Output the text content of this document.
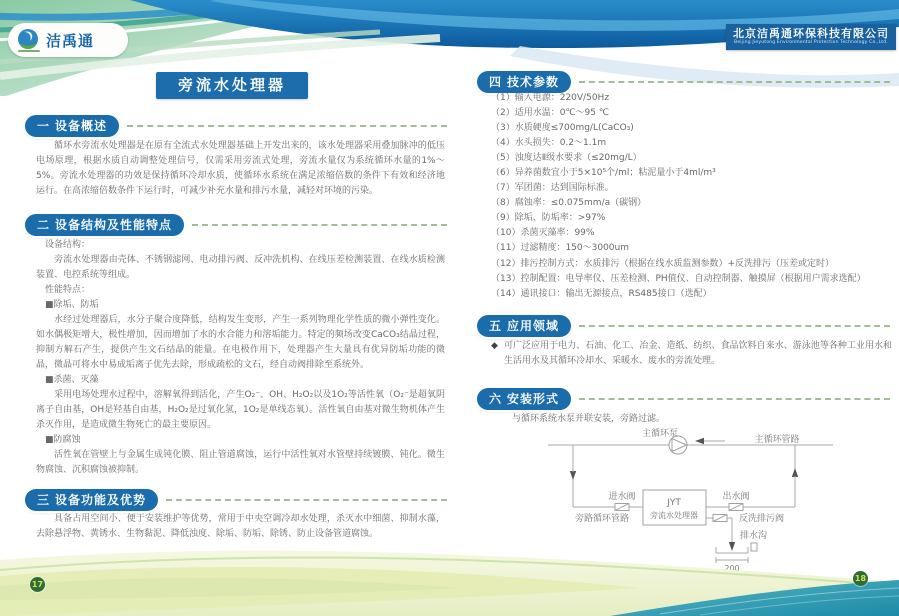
洁禹通	北京洁禹通环保科技有限公司
Beijing Jieyutong Environmental Protection Technology Co.,Ltd.
旁流水处理器
一 设备概述

循环水旁流水处理器是在原有全流式水处理器基础上开发出来的，该水处理器采用叠加脉冲的低压电场原理，根据水质自动调整处理信号，仅需采用旁流式处理，旁流水量仅为系统循环水量的1%～5%。旁流水处理器的功效是保持循环冷却水质，使循环水系统在满足浓缩倍数的条件下有效和经济地运行。在高浓缩倍数条件下运行时，可减少补充水量和排污水量，减轻对环境的污染。

二 设备结构及性能特点

设备结构：

旁流水处理器由壳体、不锈钢滤网、电动排污阀、反冲洗机构、在线压差检测装置、在线水质检测装置、电控系统等组成。

性能特点：

■除垢、防垢

水经过处理器后，水分子聚合度降低，结构发生变形，产生一系列物理化学性质的微小弹性变化。如水偶极矩增大，极性增加，因而增加了水的水合能力和溶垢能力。特定的频场改变CaCO₃结晶过程，抑制方解石产生，提供产生文石结晶的能量。在电极作用下，处理器产生大量具有优异防垢功能的微晶，微晶可将水中易成垢离子优先去除，形成疏松的文石，经自动阀排除至系统外。

■杀菌、灭藻

采用电场处理水过程中，溶解氧得到活化，产生O₂⁻、OH、H₂O₂以及1O₂等活性氧（O₂⁻是超氧阴离子自由基，OH是羟基自由基，H₂O₂是过氧化氢，1O₂是单线态氧）。活性氧自由基对微生物机体产生杀灭作用，是造成微生物死亡的最主要原因。

■防腐蚀

活性氧在管壁上与金属生成钝化膜、阻止管道腐蚀，运行中活性氧对水管壁持续镀膜、钝化。微生物腐蚀、沉积腐蚀被抑制。

三 设备功能及优势

具备占用空间小、便于安装维护等优势，常用于中央空调冷却水处理，杀灭水中细菌、抑制水藻，去除悬浮物、黄锈水、生物黏泥、降低浊度、除垢、防垢、除锈、防止设备管道腐蚀。

四 技术参数
（1）输入电源：220V/50Hz
（2）适用水温：0℃～95 ℃
（3）水质硬度≤700mg/L(CaCO₃)
（4）水头损失：0.2～1.1m
（5）浊度达Ⅱ级水要求（≤20mg/L）
（6）异养菌数宜小于5×10⁵个/ml；粘泥量小于4ml/m³
（7）军团菌：达到国际标准。
（8）腐蚀率：≤0.075mm/a（碳钢）
（9）除垢、防垢率：>97%
（10）杀菌灭藻率：99%
（11）过滤精度：150～3000um
（12）排污控制方式：水质排污（根据在线水质监测参数）+反洗排污（压差或定时）
（13）控制配置：电导率仪、压差检测、PH值仪、自动控制器、触摸屏（根据用户需求选配）
（14）通讯接口：输出无源接点，RS485接口（选配）
五 应用领域
◆ 可广泛应用于电力、石油、化工、冶金、造纸、纺织、食品饮料自来水、游泳池等各种工业用水和生活用水及其循环冷却水、采暖水、废水的旁流处理。

六 安装形式

与循环系统水泵并联安装，旁路过滤。

JYT
旁流水处理器
200
主循环泵
主循环管路
进水阀	出水阀
旁路循环管路	反洗排污阀
排水沟
17
18
